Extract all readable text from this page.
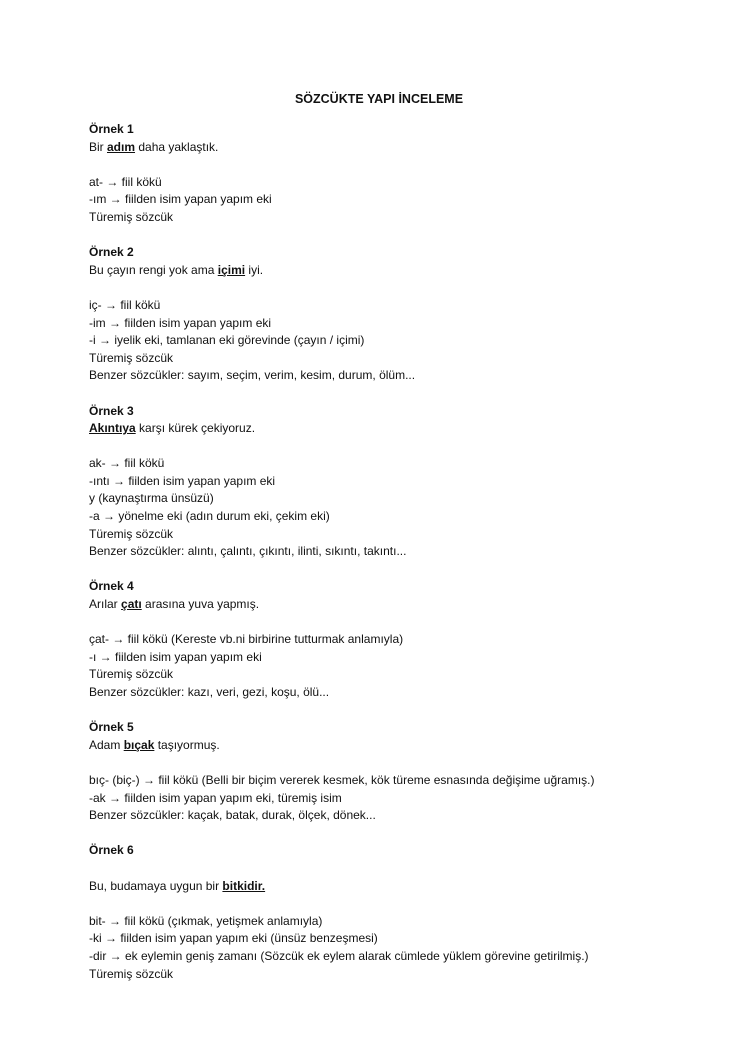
SÖZCÜKTE YAPI İNCELEME
Örnek 1
Bir adım daha yaklaştık.
at- → fiil kökü
-ım → fiilden isim yapan yapım eki
Türemiş sözcük
Örnek 2
Bu çayın rengi yok ama içimi iyi.
iç- → fiil kökü
-im → fiilden isim yapan yapım eki
-i → iyelik eki, tamlanan eki görevinde (çayın / içimi)
Türemiş sözcük
Benzer sözcükler: sayım, seçim, verim, kesim, durum, ölüm...
Örnek 3
Akıntıya karşı kürek çekiyoruz.
ak- → fiil kökü
-ıntı → fiilden isim yapan yapım eki
y (kaynaştırma ünsüzü)
-a → yönelme eki (adın durum eki, çekim eki)
Türemiş sözcük
Benzer sözcükler: alıntı, çalıntı, çıkıntı, ilinti, sıkıntı, takıntı...
Örnek 4
Arılar çatı arasına yuva yapmış.
çat- → fiil kökü (Kereste vb.ni birbirine tutturmak anlamıyla)
-ı → fiilden isim yapan yapım eki
Türemiş sözcük
Benzer sözcükler: kazı, veri, gezi, koşu, ölü...
Örnek 5
Adam bıçak taşıyormuş.
bıç- (biç-) → fiil kökü (Belli bir biçim vererek kesmek, kök türeme esnasında değişime uğramış.)
-ak → fiilden isim yapan yapım eki, türemiş isim
Benzer sözcükler: kaçak, batak, durak, ölçek, dönek...
Örnek 6
Bu, budamaya uygun bir bitkidir.
bit- → fiil kökü (çıkmak, yetişmek anlamıyla)
-ki → fiilden isim yapan yapım eki (ünsüz benzeşmesi)
-dir → ek eylemin geniş zamanı (Sözcük ek eylem alarak cümlede yüklem görevine getirilmiş.)
Türemiş sözcük
